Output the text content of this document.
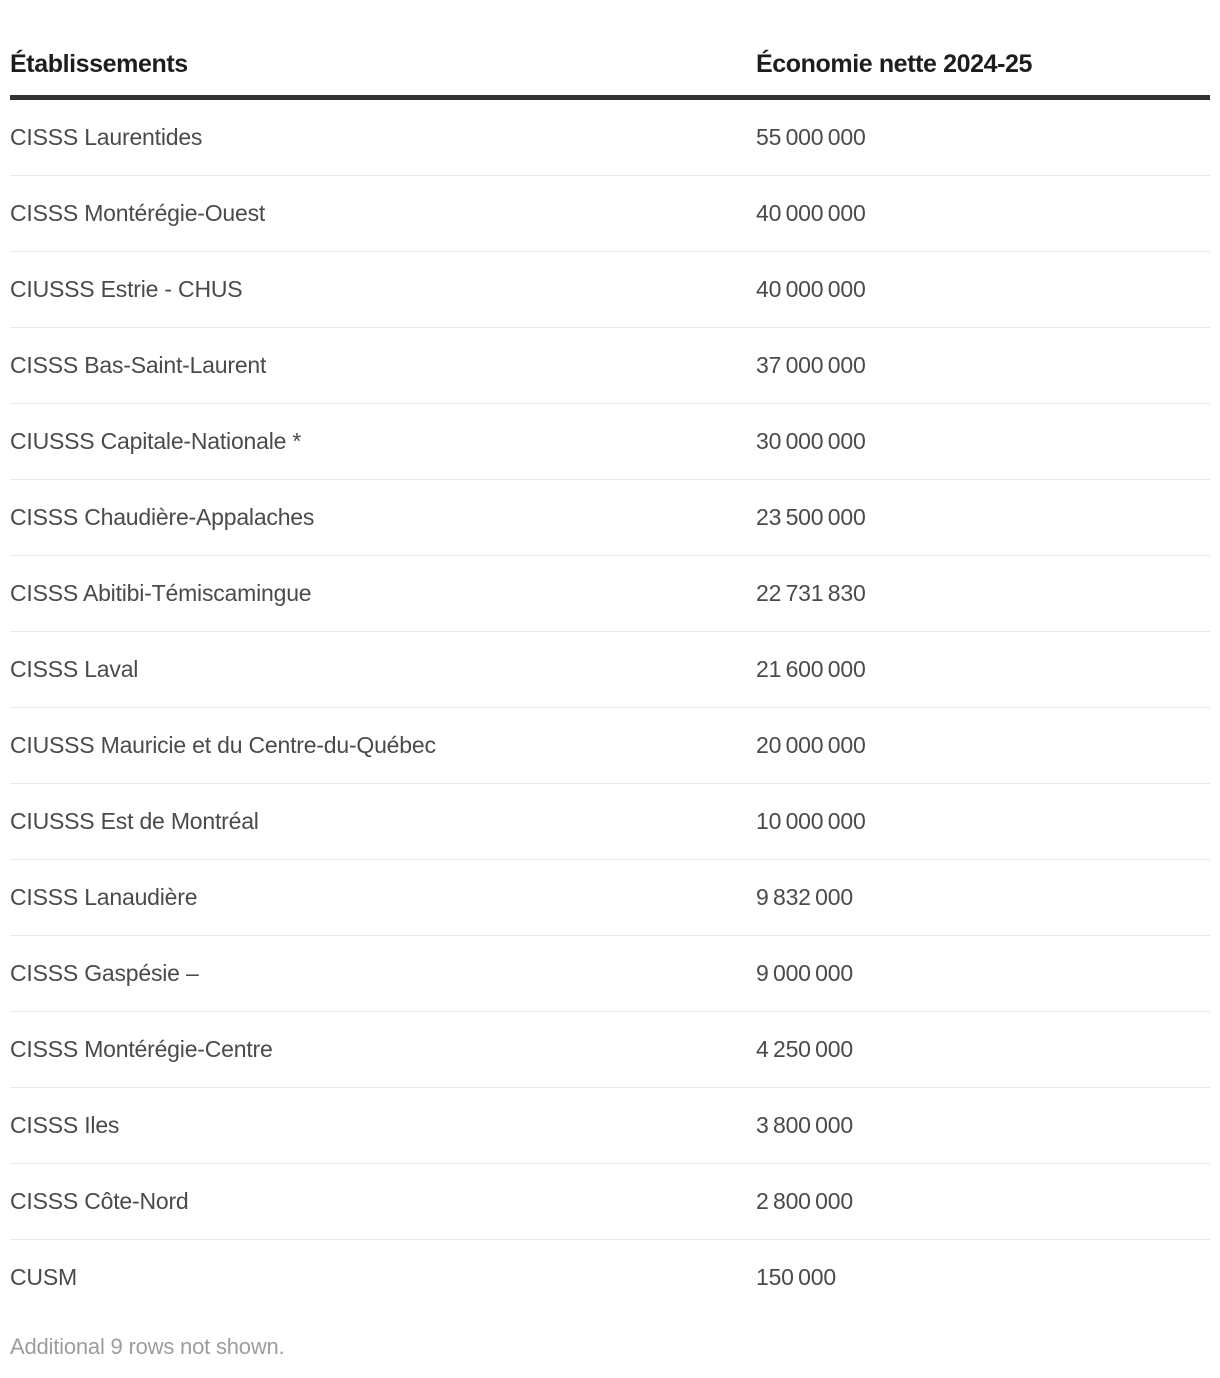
Établissements	Économie nette 2024-25
CISSS Laurentides	55 000 000
CISSS Montérégie-Ouest	40 000 000
CIUSSS Estrie - CHUS	40 000 000
CISSS Bas-Saint-Laurent	37 000 000
CIUSSS Capitale-Nationale *	30 000 000
CISSS Chaudière-Appalaches	23 500 000
CISSS Abitibi-Témiscamingue	22 731 830
CISSS Laval	21 600 000
CIUSSS Mauricie et du Centre-du-Québec	20 000 000
CIUSSS Est de Montréal	10 000 000
CISSS Lanaudière	9 832 000
CISSS Gaspésie –	9 000 000
CISSS Montérégie-Centre	4 250 000
CISSS Iles	3 800 000
CISSS Côte-Nord	2 800 000
CUSM	150 000
Additional 9 rows not shown.
